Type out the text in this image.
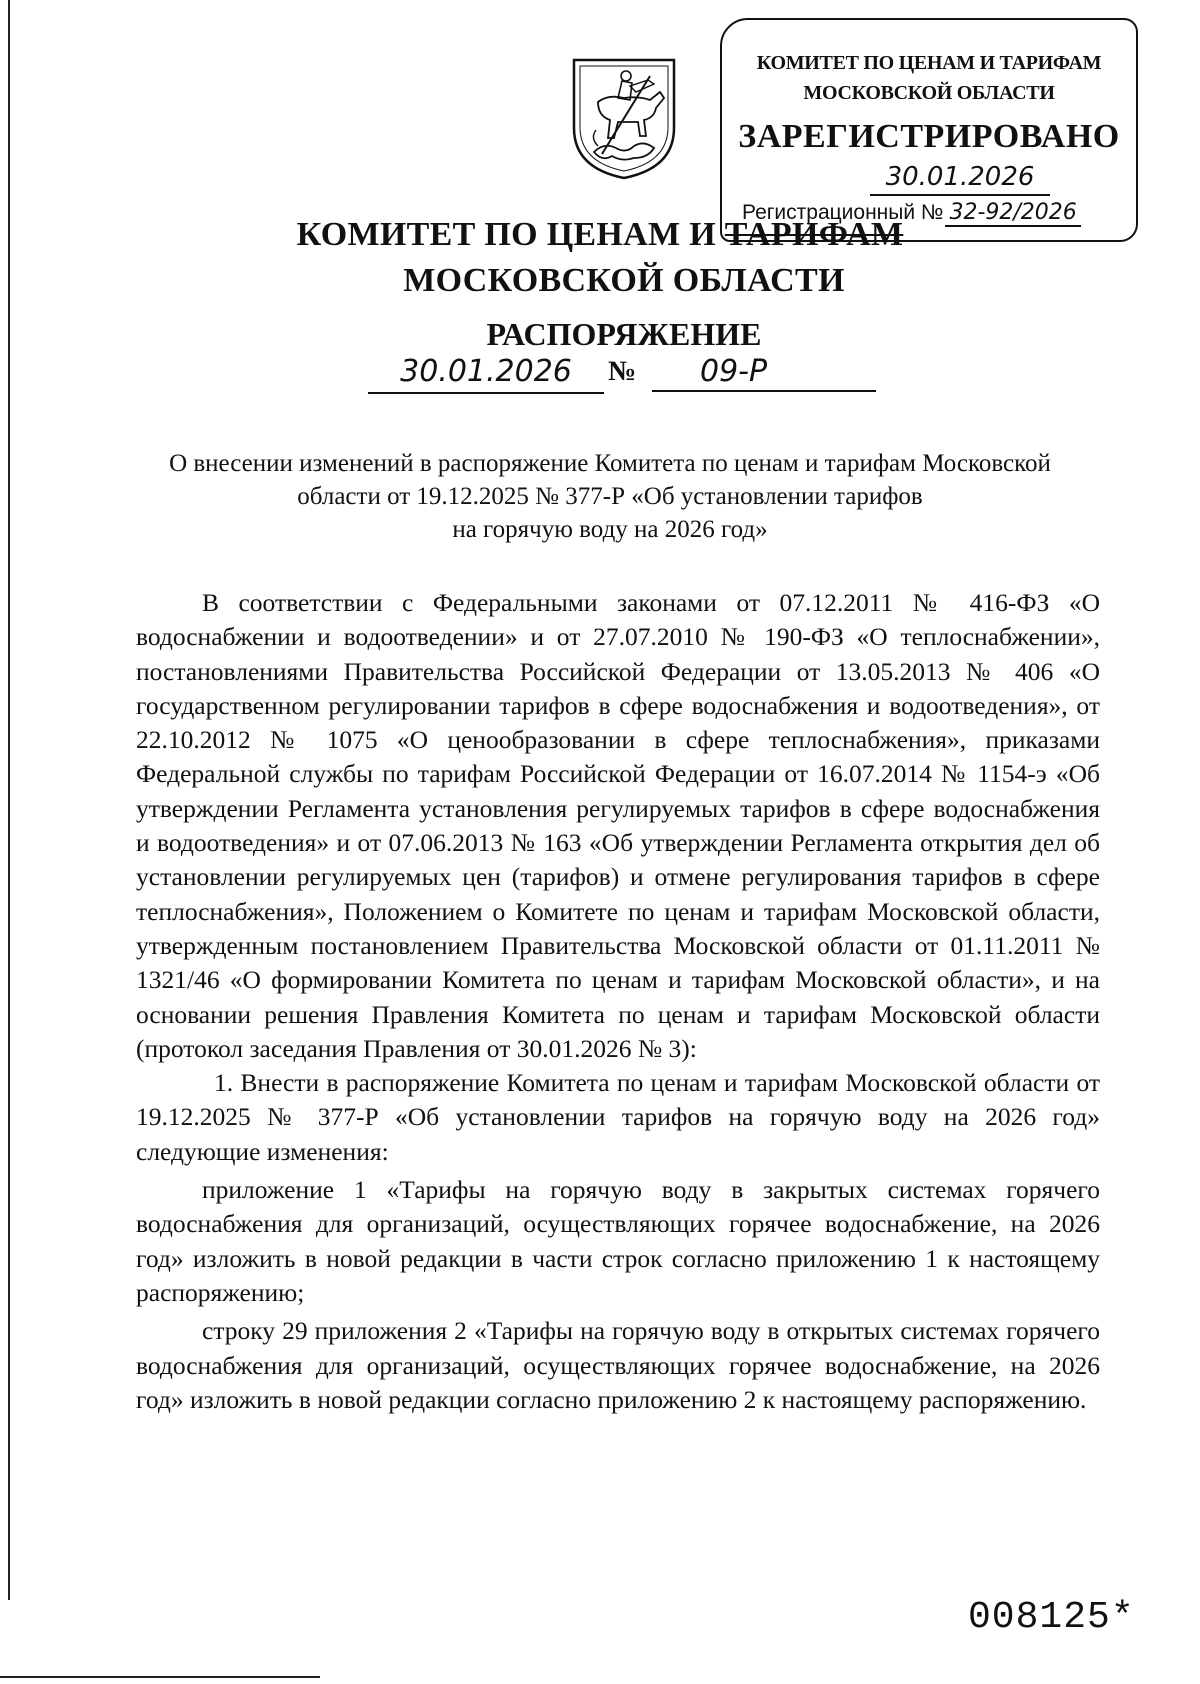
КОМИТЕТ ПО ЦЕНАМ И ТАРИФАМ
МОСКОВСКОЙ ОБЛАСТИ
ЗАРЕГИСТРИРОВАНО
30.01.2026
Регистрационный № 32-92/2026
КОМИТЕТ ПО ЦЕНАМ И ТАРИФАМ
МОСКОВСКОЙ ОБЛАСТИ
РАСПОРЯЖЕНИЕ
30.01.2026	№	09-Р
О внесении изменений в распоряжение Комитета по ценам и тарифам Московской
области от 19.12.2025 № 377-Р «Об установлении тарифов
на горячую воду на 2026 год»

В соответствии с Федеральными законами от 07.12.2011 № 416-ФЗ «О водоснабжении и водоотведении» и от 27.07.2010 № 190-ФЗ «О теплоснабжении», постановлениями Правительства Российской Федерации от 13.05.2013 № 406 «О государственном регулировании тарифов в сфере водоснабжения и водоотведения», от 22.10.2012 № 1075 «О ценообразовании в сфере теплоснабжения», приказами Федеральной службы по тарифам Российской Федерации от 16.07.2014 № 1154-э «Об утверждении Регламента установления регулируемых тарифов в сфере водоснабжения и водоотведения» и от 07.06.2013 № 163 «Об утверждении Регламента открытия дел об установлении регулируемых цен (тарифов) и отмене регулирования тарифов в сфере теплоснабжения», Положением о Комитете по ценам и тарифам Московской области, утвержденным постановлением Правительства Московской области от 01.11.2011 № 1321/46 «О формировании Комитета по ценам и тарифам Московской области», и на основании решения Правления Комитета по ценам и тарифам Московской области (протокол заседания Правления от 30.01.2026 № 3):

1. Внести в распоряжение Комитета по ценам и тарифам Московской области от 19.12.2025 № 377-Р «Об установлении тарифов на горячую воду на 2026 год» следующие изменения:

приложение 1 «Тарифы на горячую воду в закрытых системах горячего водоснабжения для организаций, осуществляющих горячее водоснабжение, на 2026 год» изложить в новой редакции в части строк согласно приложению 1 к настоящему распоряжению;

строку 29 приложения 2 «Тарифы на горячую воду в открытых системах горячего водоснабжения для организаций, осуществляющих горячее водоснабжение, на 2026 год» изложить в новой редакции согласно приложению 2 к настоящему распоряжению.

008125*
